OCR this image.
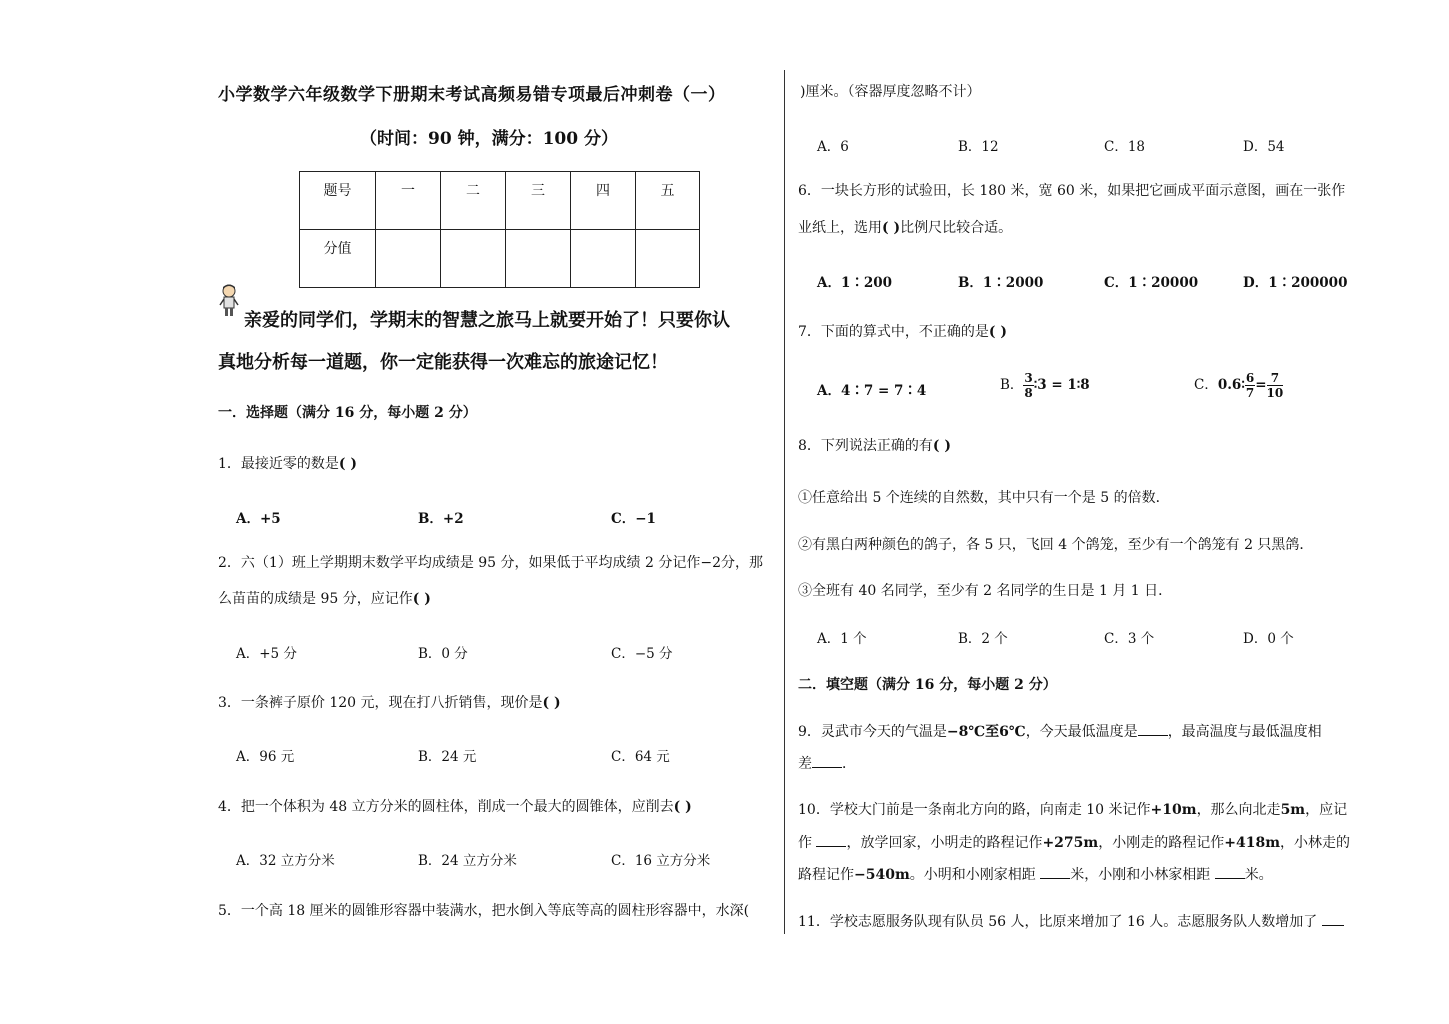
小学数学六年级数学下册期末考试高频易错专项最后冲刺卷（一）
（时间：90 钟，满分：100 分）
题号	一	二	三	四	五
分值					
亲爱的同学们，学期末的智慧之旅马上就要开始了！只要你认
真地分析每一道题，你一定能获得一次难忘的旅途记忆！
一．选择题（满分 16 分，每小题 2 分）
1．最接近零的数是( )
A．+5	B．+2	C．−1
2．六（1）班上学期期末数学平均成绩是 95 分，如果低于平均成绩 2 分记作−2分，那
么苗苗的成绩是 95 分，应记作( )
A．+5 分	B．0 分	C．−5 分
3．一条裤子原价 120 元，现在打八折销售，现价是( )
A．96 元	B．24 元	C．64 元
4．把一个体积为 48 立方分米的圆柱体，削成一个最大的圆锥体，应削去( )
A．32 立方分米	B．24 立方分米	C．16 立方分米
5．一个高 18 厘米的圆锥形容器中装满水，把水倒入等底等高的圆柱形容器中，水深(
)厘米。（容器厚度忽略不计）
A．6	B．12	C．18	D．54
6．一块长方形的试验田，长 180 米，宽 60 米，如果把它画成平面示意图，画在一张作
业纸上，选用( )比例尺比较合适。
A．1∶200	B．1∶2000	C．1∶20000	D．1∶200000
7．下面的算式中，不正确的是( )
A．4∶7 = 7∶4	B． $\frac{3}{8}$ ∶3 = 1∶8	C．0.6∶ $\frac{6}{7} = \frac{7}{10}$
8．下列说法正确的有( )
①任意给出 5 个连续的自然数，其中只有一个是 5 的倍数．
②有黑白两种颜色的鸽子，各 5 只，飞回 4 个鸽笼，至少有一个鸽笼有 2 只黑鸽．
③全班有 40 名同学，至少有 2 名同学的生日是 1 月 1 日．
A．1 个	B．2 个	C．3 个	D．0 个
二．填空题（满分 16 分，每小题 2 分）
9．灵武市今天的气温是−8℃至6℃，今天最低温度是 ，最高温度与最低温度相
差 ．
10．学校大门前是一条南北方向的路，向南走 10 米记作+10m，那么向北走5m，应记
作 ，放学回家，小明走的路程记作+275m，小刚走的路程记作+418m，小林走的
路程记作−540m。小明和小刚家相距 米，小刚和小林家相距 米。
11．学校志愿服务队现有队员 56 人，比原来增加了 16 人。志愿服务队人数增加了
